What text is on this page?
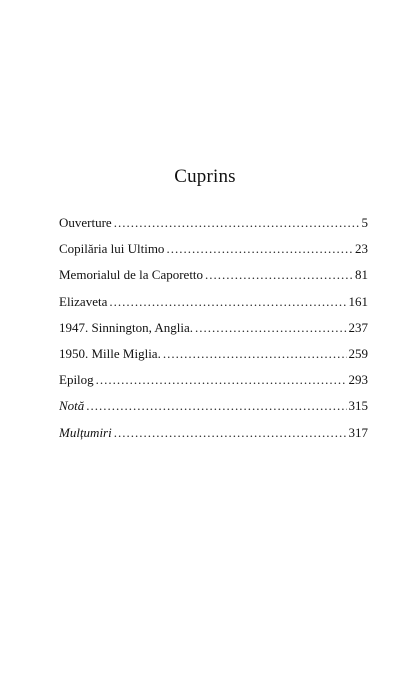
Cuprins
Ouverture .....	5
Copilăria lui Ultimo .....	23
Memorialul de la Caporetto .....	81
Elizaveta .....	161
1947. Sinnington, Anglia. .....	237
1950. Mille Miglia. .....	259
Epilog .....	293
Notă .....	315
Mulțumiri .....	317
